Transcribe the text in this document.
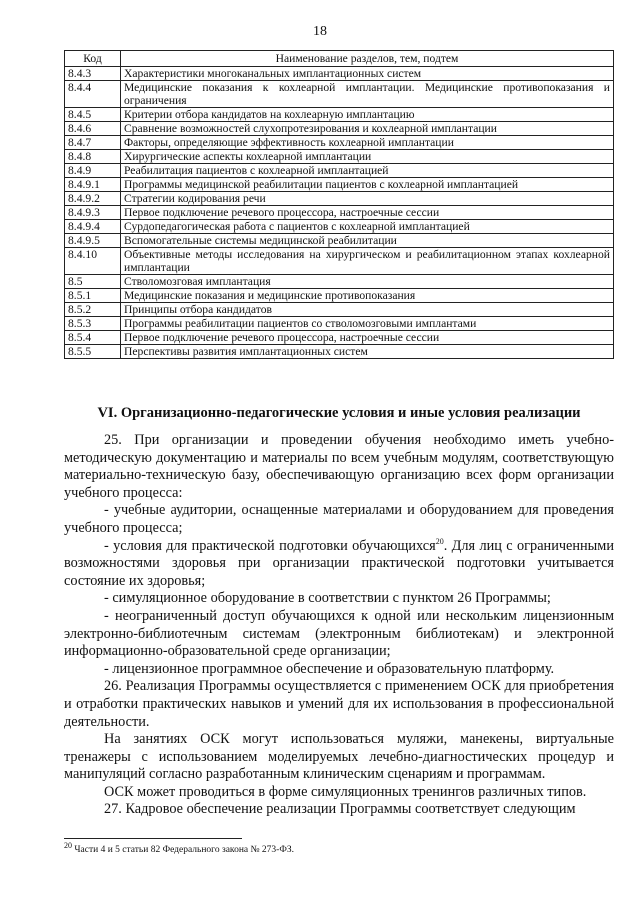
18
Код	Наименование разделов, тем, подтем
8.4.3	Характеристики многоканальных имплантационных систем
8.4.4	Медицинские показания к кохлеарной имплантации. Медицинские противопоказания и ограничения
8.4.5	Критерии отбора кандидатов на кохлеарную имплантацию
8.4.6	Сравнение возможностей слухопротезирования и кохлеарной имплантации
8.4.7	Факторы, определяющие эффективность кохлеарной имплантации
8.4.8	Хирургические аспекты кохлеарной имплантации
8.4.9	Реабилитация пациентов с кохлеарной имплантацией
8.4.9.1	Программы медицинской реабилитации пациентов с кохлеарной имплантацией
8.4.9.2	Стратегии кодирования речи
8.4.9.3	Первое подключение речевого процессора, настроечные сессии
8.4.9.4	Сурдопедагогическая работа с пациентов с кохлеарной имплантацией
8.4.9.5	Вспомогательные системы медицинской реабилитации
8.4.10	Объективные методы исследования на хирургическом и реабилитационном этапах кохлеарной имплантации
8.5	Стволомозговая имплантация
8.5.1	Медицинские показания и медицинские противопоказания
8.5.2	Принципы отбора кандидатов
8.5.3	Программы реабилитации пациентов со стволомозговыми имплантами
8.5.4	Первое подключение речевого процессора, настроечные сессии
8.5.5	Перспективы развития имплантационных систем
VI. Организационно-педагогические условия и иные условия реализации

25. При организации и проведении обучения необходимо иметь учебно-методическую документацию и материалы по всем учебным модулям, соответствующую материально-техническую базу, обеспечивающую организацию всех форм организации учебного процесса:

- учебные аудитории, оснащенные материалами и оборудованием для проведения учебного процесса;

- условия для практической подготовки обучающихся$^{20}$. Для лиц с ограниченными возможностями здоровья при организации практической подготовки учитывается состояние их здоровья;

- симуляционное оборудование в соответствии с пунктом 26 Программы;

- неограниченный доступ обучающихся к одной или нескольким лицензионным электронно-библиотечным системам (электронным библиотекам) и электронной информационно-образовательной среде организации;

- лицензионное программное обеспечение и образовательную платформу.

26. Реализация Программы осуществляется с применением ОСК для приобретения и отработки практических навыков и умений для их использования в профессиональной деятельности.

На занятиях ОСК могут использоваться муляжи, манекены, виртуальные тренажеры с использованием моделируемых лечебно-диагностических процедур и манипуляций согласно разработанным клиническим сценариям и программам.

ОСК может проводиться в форме симуляционных тренингов различных типов.

27. Кадровое обеспечение реализации Программы соответствует следующим

$^{20}$ Части 4 и 5 статьи 82 Федерального закона № 273-ФЗ.
